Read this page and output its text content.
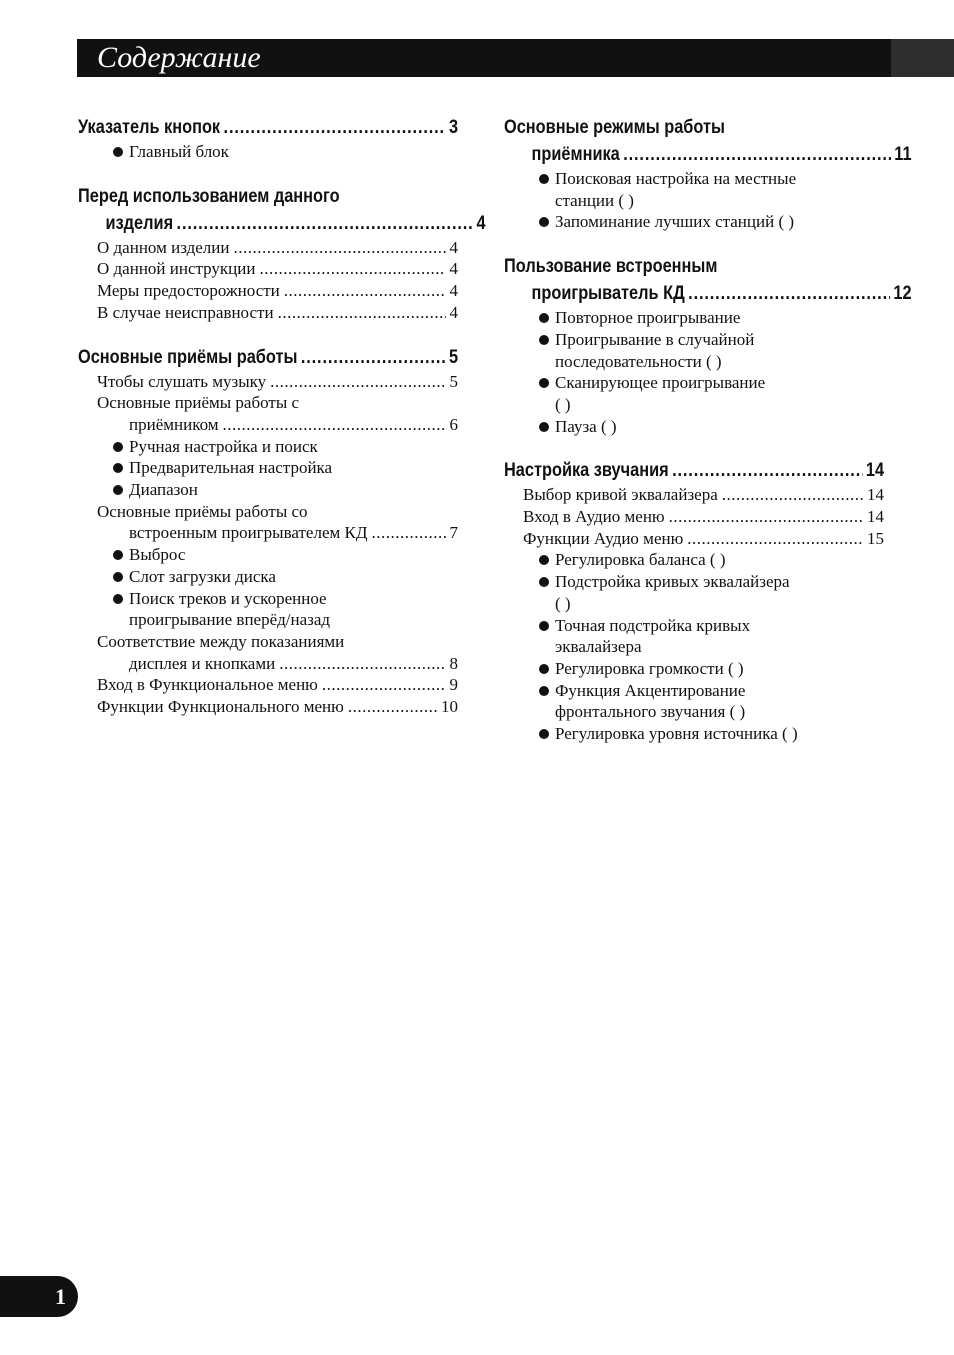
Содержание
Указатель кнопок .....	3
Главный блок
Перед использованием данного
изделия .....	4
О данном изделии .....	4
О данной инструкции .....	4
Меры предосторожности .....	4
В случае неисправности .....	4
Основные приёмы работы .....	5
Чтобы слушать музыку .....	5
Основные приёмы работы с
приёмником .....	6
Ручная настройка и поиск
Предварительная настройка
Диапазон
Основные приёмы работы со
встроенным проигрывателем КД .....	7
Выброс
Слот загрузки диска
Поиск треков и ускоренное
проигрывание вперёд/назад
Соответствие между показаниями
дисплея и кнопками .....	8
Вход в Функциональное меню .....	9
Функции Функционального меню .....	10
Основные режимы работы
приёмника .....	11
Поисковая настройка на местные
станции ( )
Запоминание лучших станций ( )
Пользование встроенным
проигрыватель КД .....	12
Повторное проигрывание
Проигрывание в случайной
последовательности ( )
Сканирующее проигрывание
( )
Пауза ( )
Настройка звучания .....	14
Выбор кривой эквалайзера .....	14
Вход в Аудио меню .....	14
Функции Аудио меню .....	15
Регулировка баланса ( )
Подстройка кривых эквалайзера
( )
Точная подстройка кривых
эквалайзера
Регулировка громкости ( )
Функция Акцентирование
фронтального звучания ( )
Регулировка уровня источника ( )
1
